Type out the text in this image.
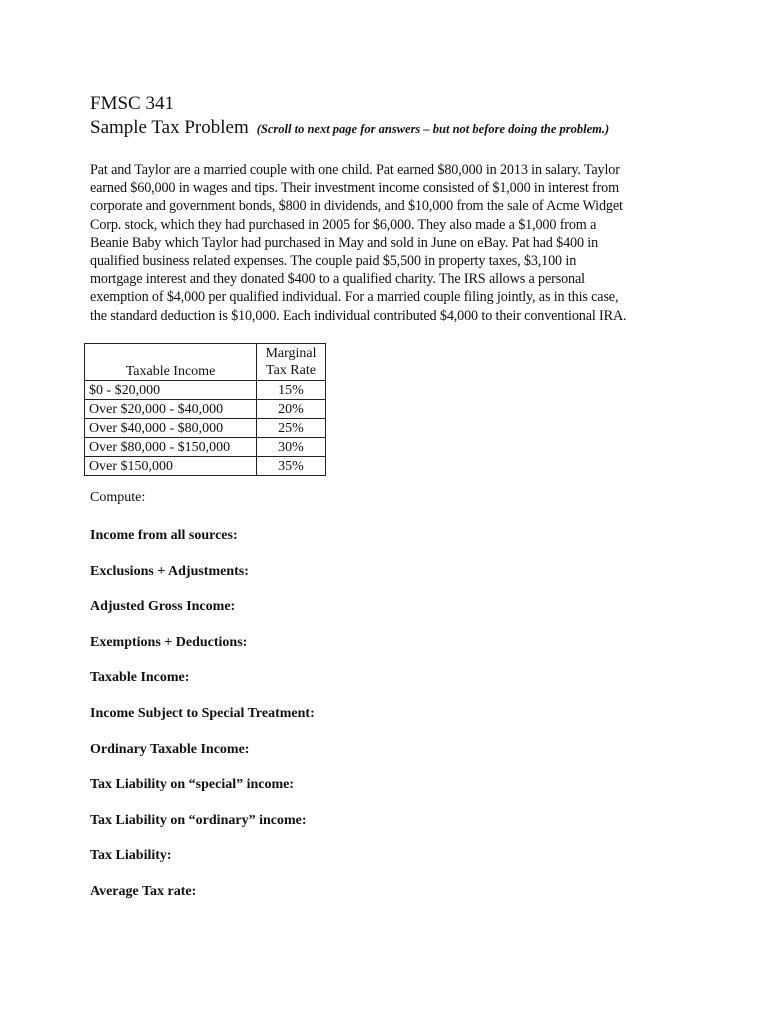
FMSC 341

Sample Tax Problem (Scroll to next page for answers – but not before doing the problem.)

Pat and Taylor are a married couple with one child. Pat earned $80,000 in 2013 in salary. Taylor
earned $60,000 in wages and tips. Their investment income consisted of $1,000 in interest from
corporate and government bonds, $800 in dividends, and $10,000 from the sale of Acme Widget
Corp. stock, which they had purchased in 2005 for $6,000. They also made a $1,000 from a
Beanie Baby which Taylor had purchased in May and sold in June on eBay. Pat had $400 in
qualified business related expenses. The couple paid $5,500 in property taxes, $3,100 in
mortgage interest and they donated $400 to a qualified charity. The IRS allows a personal
exemption of $4,000 per qualified individual. For a married couple filing jointly, as in this case,
the standard deduction is $10,000. Each individual contributed $4,000 to their conventional IRA.
Taxable Income	Marginal
Tax Rate

$0 - $20,000	15%
Over $20,000 - $40,000	20%
Over $40,000 - $80,000	25%
Over $80,000 - $150,000	30%
Over $150,000	35%

Compute:

Income from all sources:
Exclusions + Adjustments:
Adjusted Gross Income:
Exemptions + Deductions:
Taxable Income:
Income Subject to Special Treatment:
Ordinary Taxable Income:
Tax Liability on “special” income:
Tax Liability on “ordinary” income:
Tax Liability:
Average Tax rate:
